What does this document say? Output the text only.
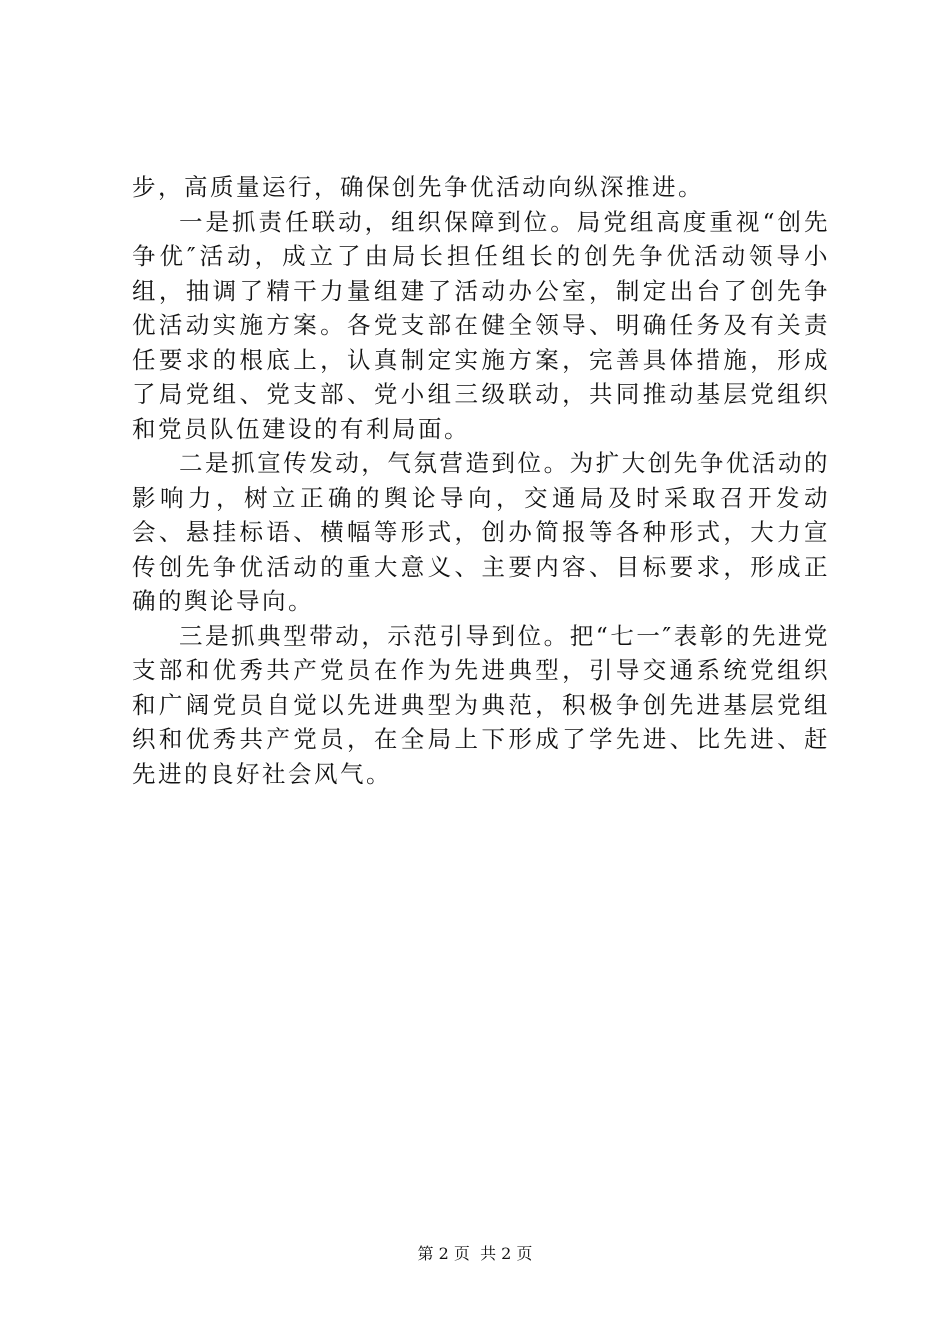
步，高质量运行，确保创先争优活动向纵深推进。

一是抓责任联动，组织保障到位。局党组高度重视“创先争优″活动，成立了由局长担任组长的创先争优活动领导小组，抽调了精干力量组建了活动办公室，制定出台了创先争优活动实施方案。各党支部在健全领导、明确任务及有关责任要求的根底上，认真制定实施方案，完善具体措施，形成了局党组、党支部、党小组三级联动，共同推动基层党组织和党员队伍建设的有利局面。

二是抓宣传发动，气氛营造到位。为扩大创先争优活动的影响力，树立正确的舆论导向，交通局及时采取召开发动会、悬挂标语、横幅等形式，创办简报等各种形式，大力宣传创先争优活动的重大意义、主要内容、目标要求，形成正确的舆论导向。

三是抓典型带动，示范引导到位。把“七一″表彰的先进党支部和优秀共产党员在作为先进典型，引导交通系统党组织和广阔党员自觉以先进典型为典范，积极争创先进基层党组织和优秀共产党员，在全局上下形成了学先进、比先进、赶先进的良好社会风气。

第 2 页  共 2 页
